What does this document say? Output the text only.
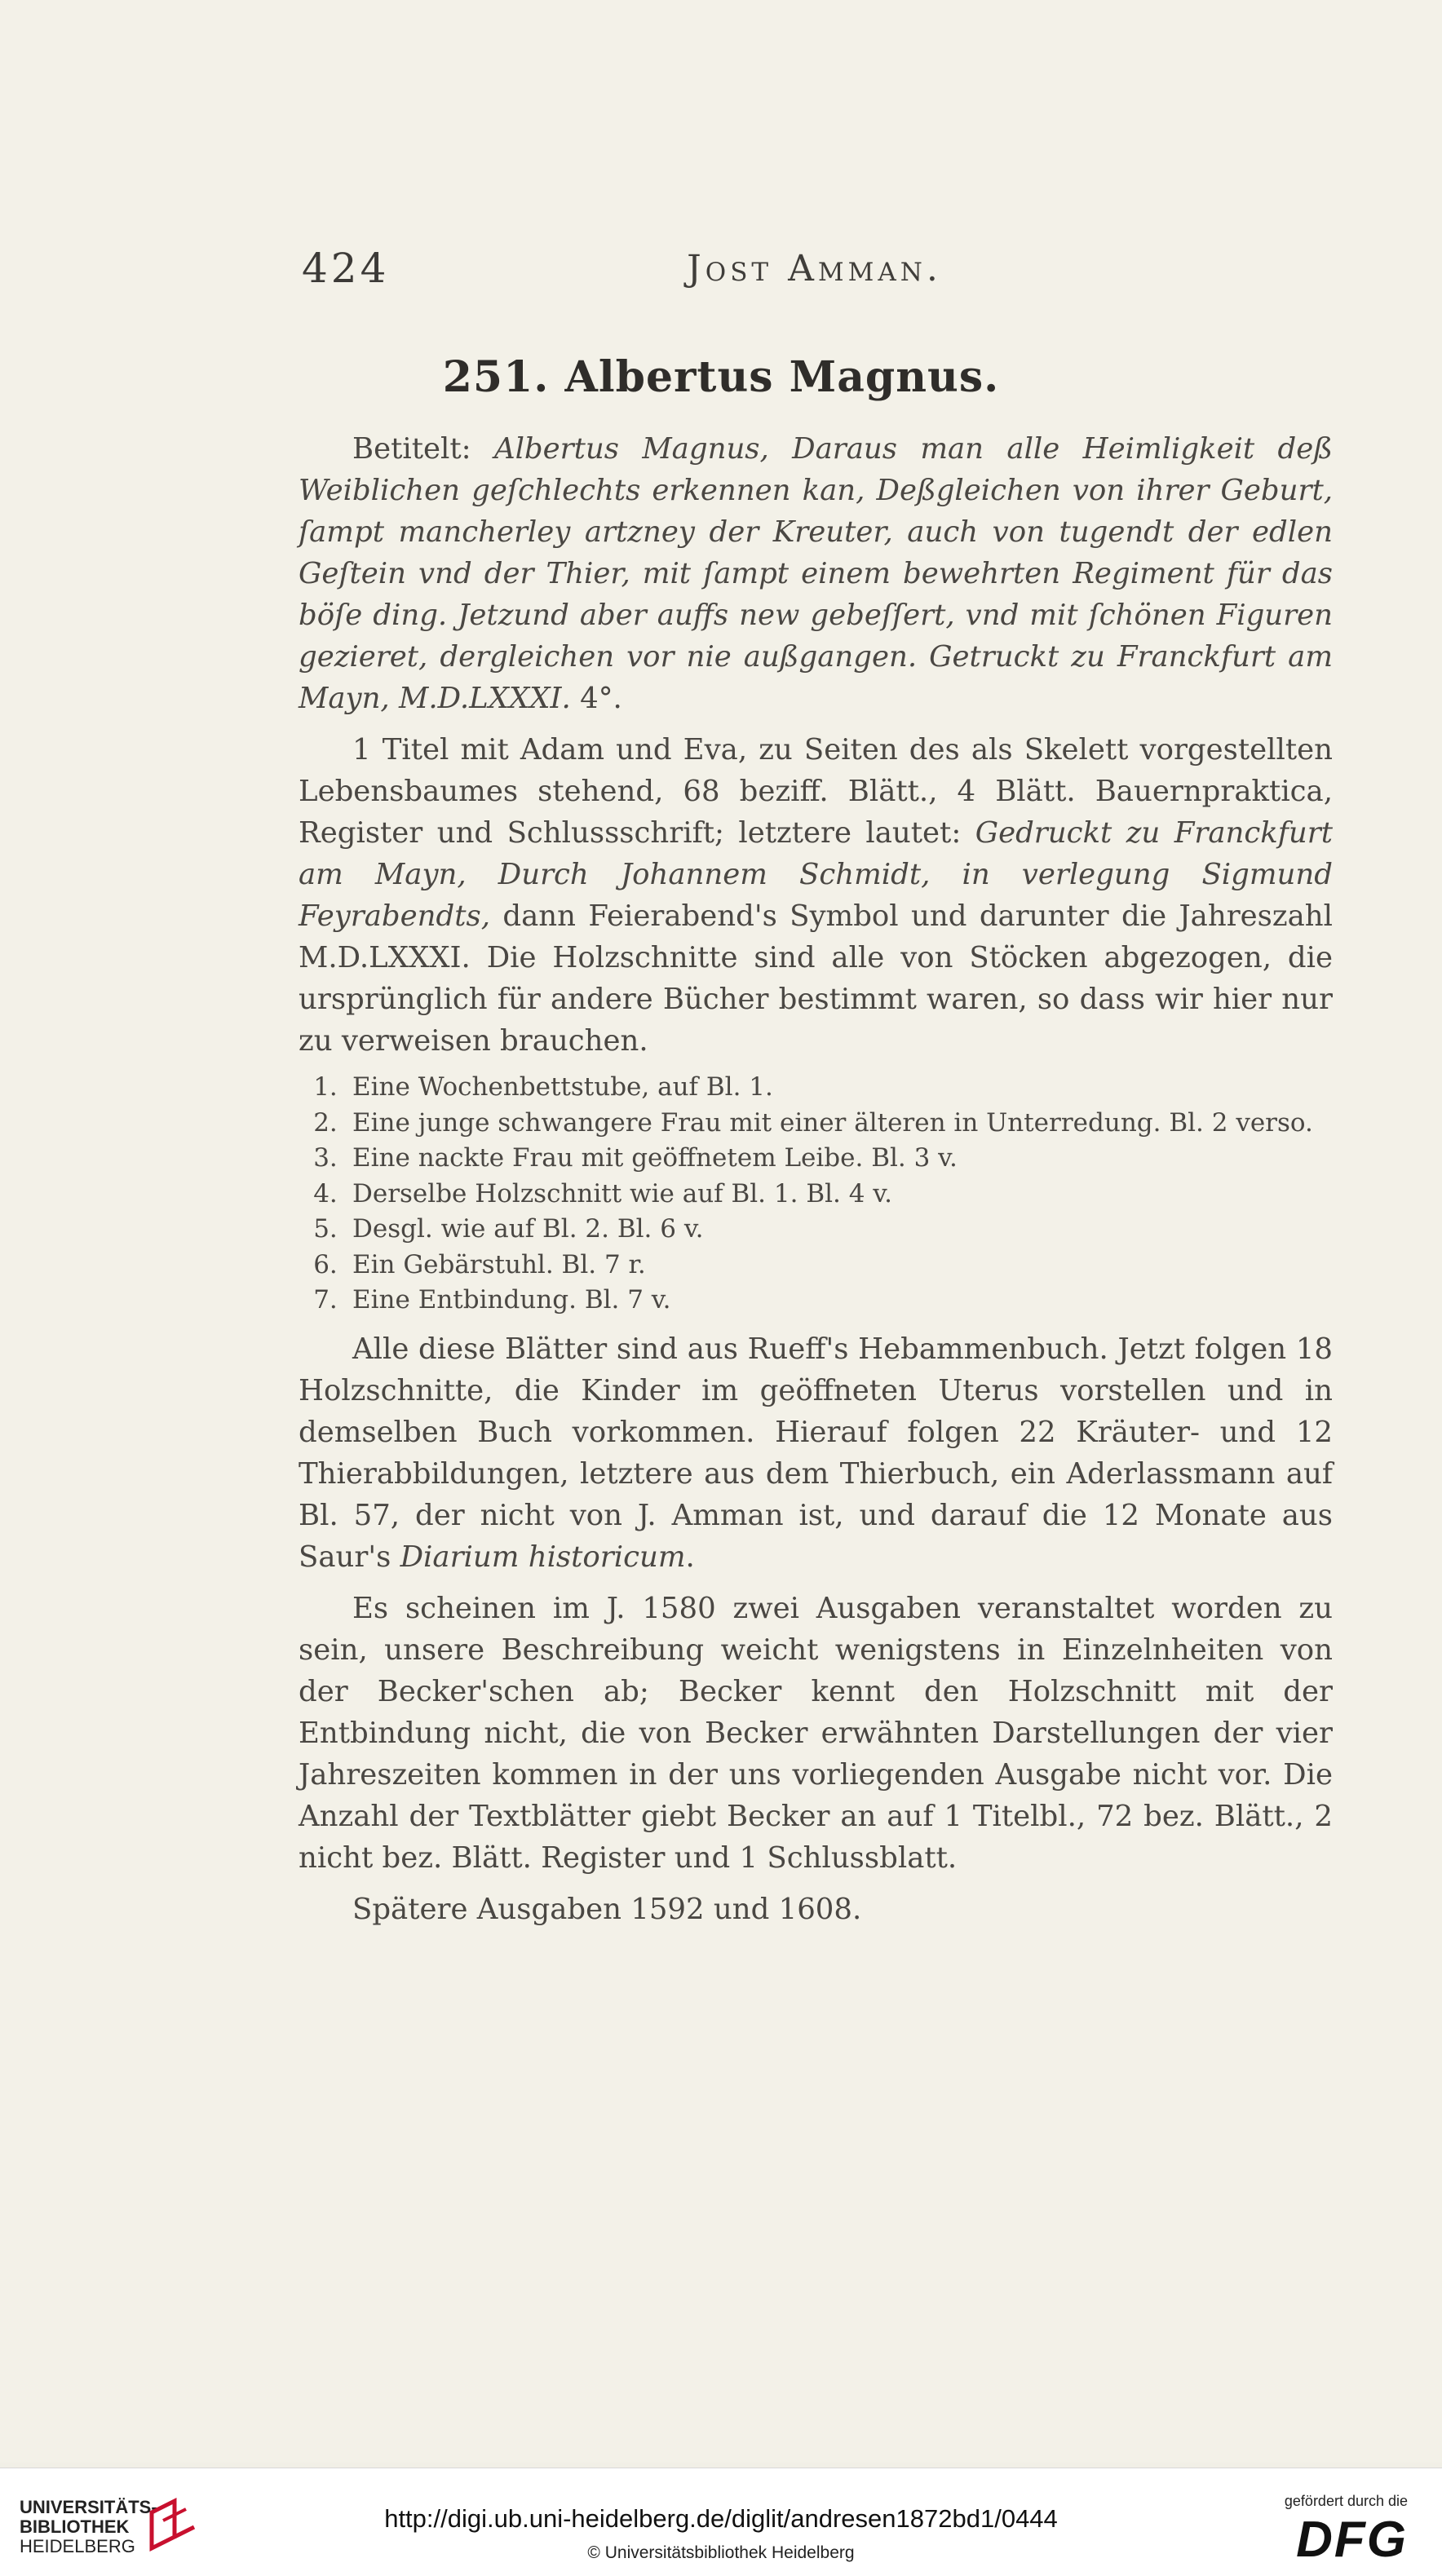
424	Jost Amman.
251. Albertus Magnus.

Betitelt: Albertus Magnus, Daraus man alle Heimligkeit deß Weiblichen geſchlechts erkennen kan, Deßgleichen von ihrer Geburt, ſampt mancherley artzney der Kreuter, auch von tugendt der edlen Geſtein vnd der Thier, mit ſampt einem bewehrten Regiment für das böſe ding. Jetzund aber auffs new gebeſſert, vnd mit ſchönen Figuren gezieret, dergleichen vor nie außgangen. Getruckt zu Franckfurt am Mayn, M.D.LXXXI. 4°.

1 Titel mit Adam und Eva, zu Seiten des als Skelett vorgestellten Lebensbaumes stehend, 68 beziff. Blätt., 4 Blätt. Bauernpraktica, Register und Schlussschrift; letztere lautet: Gedruckt zu Franckfurt am Mayn, Durch Johannem Schmidt, in verlegung Sigmund Feyrabendts, dann Feierabend's Symbol und darunter die Jahreszahl M.D.LXXXI. Die Holzschnitte sind alle von Stöcken abgezogen, die ursprünglich für andere Bücher bestimmt waren, so dass wir hier nur zu verweisen brauchen.

1. Eine Wochenbettstube, auf Bl. 1.
2. Eine junge schwangere Frau mit einer älteren in Unterredung. Bl. 2 verso.
3. Eine nackte Frau mit geöffnetem Leibe. Bl. 3 v.
4. Derselbe Holzschnitt wie auf Bl. 1. Bl. 4 v.
5. Desgl. wie auf Bl. 2. Bl. 6 v.
6. Ein Gebärstuhl. Bl. 7 r.
7. Eine Entbindung. Bl. 7 v.

Alle diese Blätter sind aus Rueff's Hebammenbuch. Jetzt folgen 18 Holzschnitte, die Kinder im geöffneten Uterus vorstellen und in demselben Buch vorkommen. Hierauf folgen 22 Kräuter- und 12 Thierabbildungen, letztere aus dem Thierbuch, ein Aderlassmann auf Bl. 57, der nicht von J. Amman ist, und darauf die 12 Monate aus Saur's Diarium historicum.

Es scheinen im J. 1580 zwei Ausgaben veranstaltet worden zu sein, unsere Beschreibung weicht wenigstens in Einzelnheiten von der Becker'schen ab; Becker kennt den Holzschnitt mit der Entbindung nicht, die von Becker erwähnten Darstellungen der vier Jahreszeiten kommen in der uns vorliegenden Ausgabe nicht vor. Die Anzahl der Textblätter giebt Becker an auf 1 Titelbl., 72 bez. Blätt., 2 nicht bez. Blätt. Register und 1 Schlussblatt.

Spätere Ausgaben 1592 und 1608.

UNIVERSITÄTS-
BIBLIOTHEK
HEIDELBERG
http://digi.ub.uni-heidelberg.de/diglit/andresen1872bd1/0444
© Universitätsbibliothek Heidelberg
gefördert durch die
DFG
